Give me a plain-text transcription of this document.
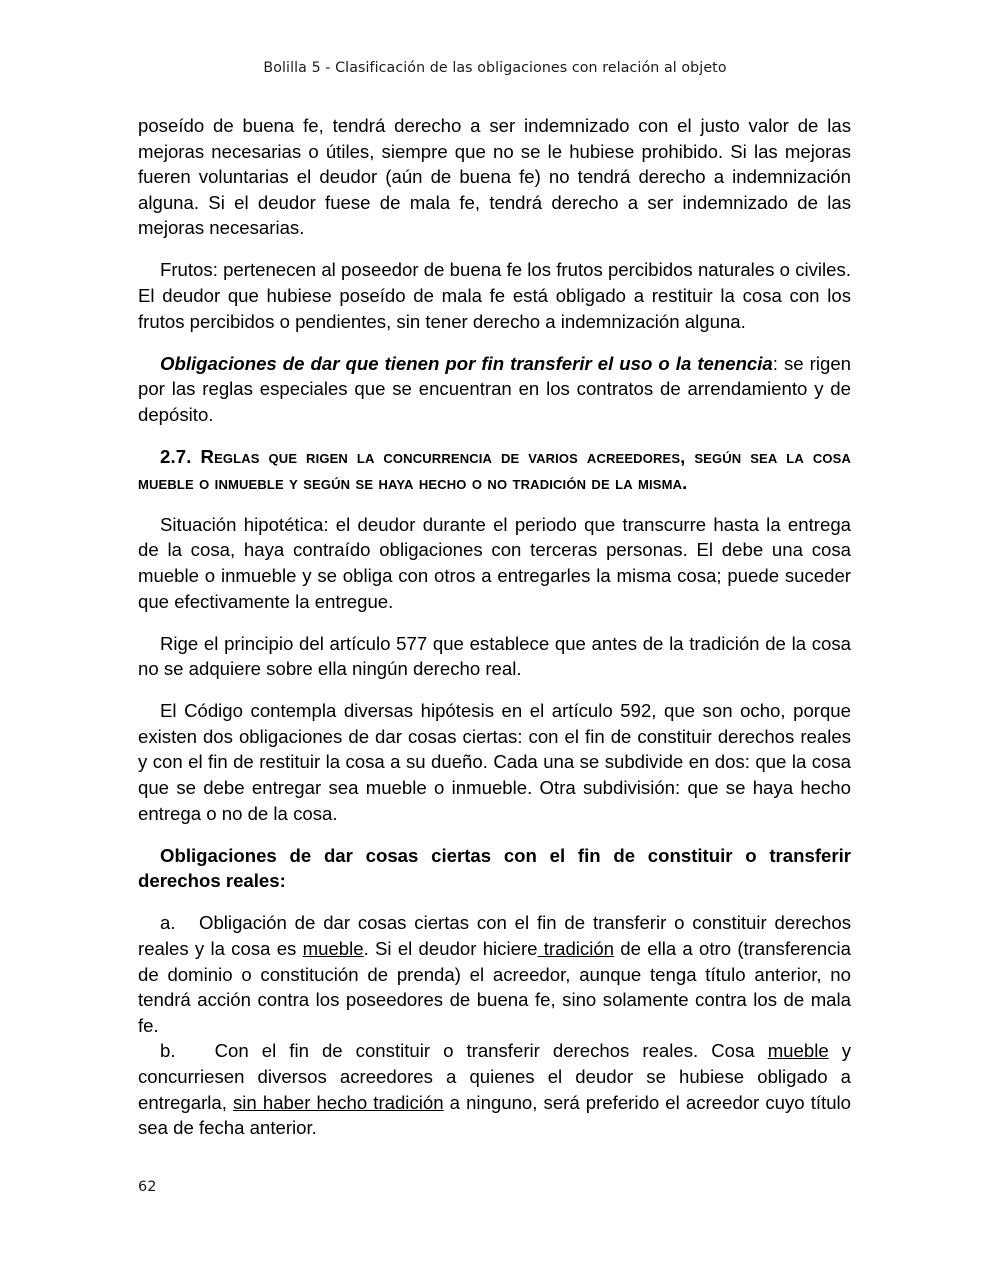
Bolilla 5 - Clasificación de las obligaciones con relación al objeto

poseído de buena fe, tendrá derecho a ser indemnizado con el justo valor de las mejoras necesarias o útiles, siempre que no se le hubiese prohibido. Si las mejoras fueren voluntarias el deudor (aún de buena fe) no tendrá derecho a indemnización alguna. Si el deudor fuese de mala fe, tendrá derecho a ser indemnizado de las mejoras necesarias.

Frutos: pertenecen al poseedor de buena fe los frutos percibidos naturales o civiles. El deudor que hubiese poseído de mala fe está obligado a restituir la cosa con los frutos percibidos o pendientes, sin tener derecho a indemnización alguna.

Obligaciones de dar que tienen por fin transferir el uso o la tenencia: se rigen por las reglas especiales que se encuentran en los contratos de arrendamiento y de depósito.

2.7. Reglas que rigen la concurrencia de varios acreedores, según sea la cosa mueble o inmueble y según se haya hecho o no tradición de la misma.

Situación hipotética: el deudor durante el periodo que transcurre hasta la entrega de la cosa, haya contraído obligaciones con terceras personas. El debe una cosa mueble o inmueble y se obliga con otros a entregarles la misma cosa; puede suceder que efectivamente la entregue.

Rige el principio del artículo 577 que establece que antes de la tradición de la cosa no se adquiere sobre ella ningún derecho real.

El Código contempla diversas hipótesis en el artículo 592, que son ocho, porque existen dos obligaciones de dar cosas ciertas: con el fin de constituir derechos reales y con el fin de restituir la cosa a su dueño. Cada una se subdivide en dos: que la cosa que se debe entregar sea mueble o inmueble. Otra subdivisión: que se haya hecho entrega o no de la cosa.

Obligaciones de dar cosas ciertas con el fin de constituir o transferir derechos reales:

a. Obligación de dar cosas ciertas con el fin de transferir o constituir derechos reales y la cosa es mueble. Si el deudor hiciere tradición de ella a otro (transferencia de dominio o constitución de prenda) el acreedor, aunque tenga título anterior, no tendrá acción contra los poseedores de buena fe, sino solamente contra los de mala fe.

b. Con el fin de constituir o transferir derechos reales. Cosa mueble y concurriesen diversos acreedores a quienes el deudor se hubiese obligado a entregarla, sin haber hecho tradición a ninguno, será preferido el acreedor cuyo título sea de fecha anterior.

62
